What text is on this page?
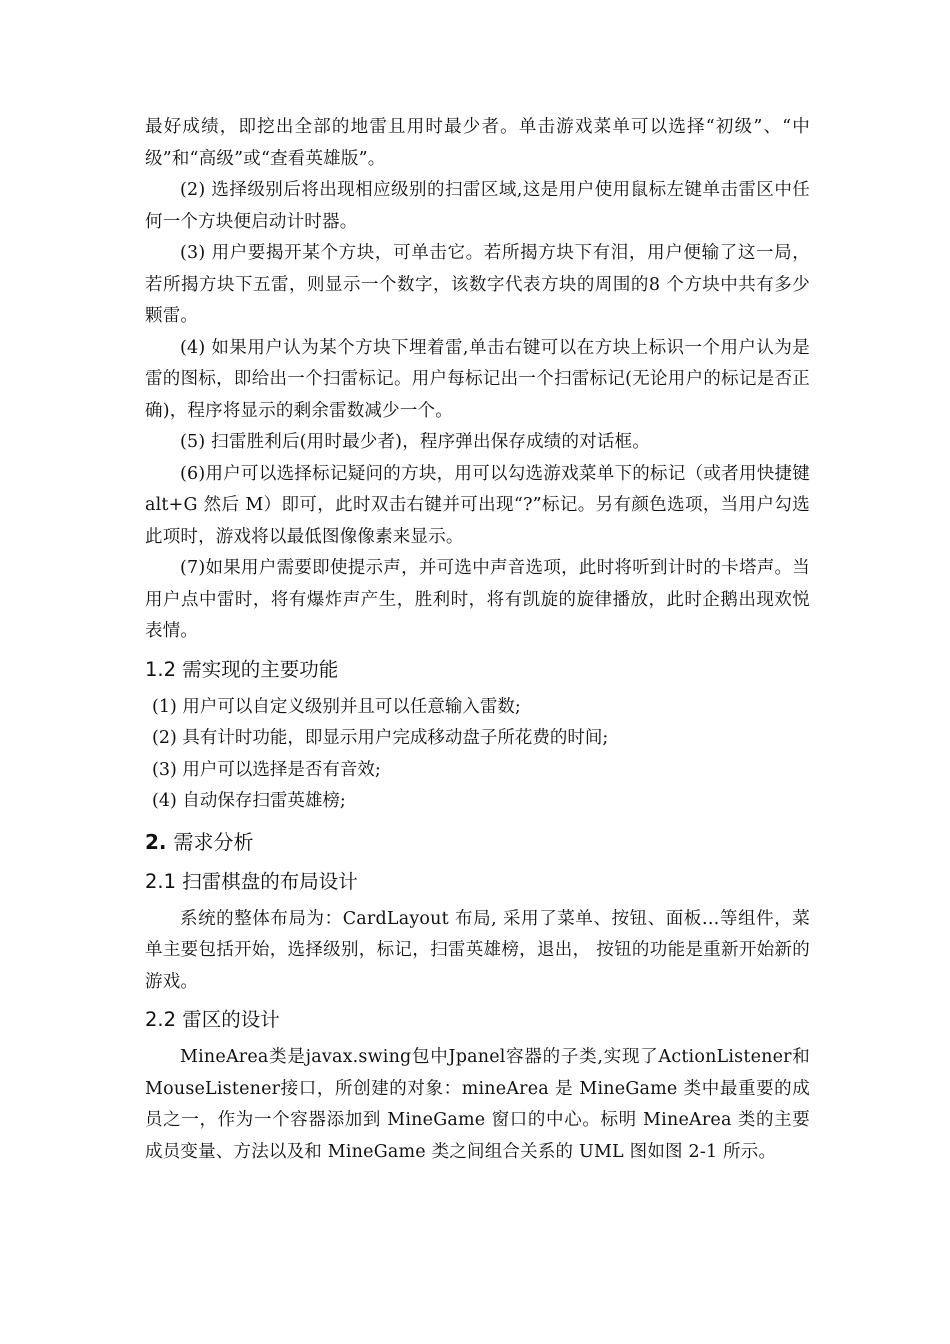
最好成绩，即挖出全部的地雷且用时最少者。单击游戏菜单可以选择“初级”、“中级”和“高级”或“查看英雄版”。

(2) 选择级别后将出现相应级别的扫雷区域,这是用户使用鼠标左键单击雷区中任何一个方块便启动计时器。

(3) 用户要揭开某个方块，可单击它。若所揭方块下有泪，用户便输了这一局，若所揭方块下五雷，则显示一个数字，该数字代表方块的周围的8 个方块中共有多少颗雷。

(4) 如果用户认为某个方块下埋着雷,单击右键可以在方块上标识一个用户认为是雷的图标，即给出一个扫雷标记。用户每标记出一个扫雷标记(无论用户的标记是否正确)，程序将显示的剩余雷数减少一个。

(5) 扫雷胜利后(用时最少者)，程序弹出保存成绩的对话框。

(6)用户可以选择标记疑问的方块，用可以勾选游戏菜单下的标记（或者用快捷键 alt+G 然后 M）即可，此时双击右键并可出现“?”标记。另有颜色选项，当用户勾选此项时，游戏将以最低图像像素来显示。

(7)如果用户需要即使提示声，并可选中声音选项，此时将听到计时的卡塔声。当用户点中雷时，将有爆炸声产生，胜利时，将有凯旋的旋律播放，此时企鹅出现欢悦表情。

1.2 需实现的主要功能

(1) 用户可以自定义级别并且可以任意输入雷数;

(2) 具有计时功能，即显示用户完成移动盘子所花费的时间;

(3) 用户可以选择是否有音效;

(4) 自动保存扫雷英雄榜;

2. 需求分析
2.1 扫雷棋盘的布局设计

系统的整体布局为：CardLayout 布局, 采用了菜单、按钮、面板…等组件，菜单主要包括开始，选择级别，标记，扫雷英雄榜，退出， 按钮的功能是重新开始新的游戏。

2.2 雷区的设计

MineArea类是javax.swing包中Jpanel容器的子类,实现了ActionListener和MouseListener接口，所创建的对象：mineArea 是 MineGame 类中最重要的成员之一，作为一个容器添加到 MineGame 窗口的中心。标明 MineArea 类的主要成员变量、方法以及和 MineGame 类之间组合关系的 UML 图如图 2-1 所示。
